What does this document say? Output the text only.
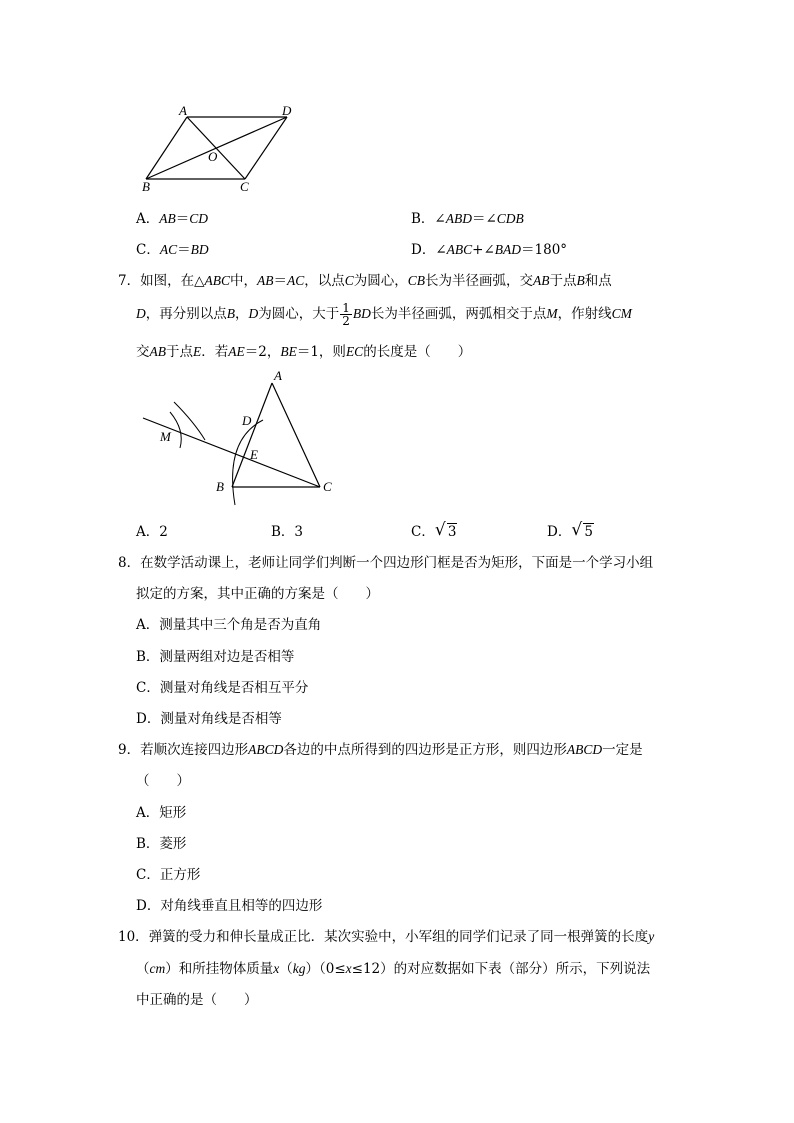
A	D
O
B	C
A．AB＝CD	B．∠ABD＝∠CDB
C．AC＝BD	D．∠ABC+∠BAD＝180°
7．如图，在△ABC中，AB＝AC，以点C为圆心，CB长为半径画弧，交AB于点B和点
D，再分别以点B，D为圆心，大于 $\frac{1}{2}$ BD长为半径画弧，两弧相交于点M，作射线CM
交AB于点E．若AE＝2，BE＝1，则EC的长度是（　　）
A
D
M
E
B	C
A．2	B．3	C． √ 3	D． √ 5
8．在数学活动课上，老师让同学们判断一个四边形门框是否为矩形，下面是一个学习小组
拟定的方案，其中正确的方案是（　　）
A．测量其中三个角是否为直角
B．测量两组对边是否相等
C．测量对角线是否相互平分
D．测量对角线是否相等
9．若顺次连接四边形ABCD各边的中点所得到的四边形是正方形，则四边形ABCD一定是
（　　）
A．矩形
B．菱形
C．正方形
D．对角线垂直且相等的四边形
10．弹簧的受力和伸长量成正比．某次实验中，小军组的同学们记录了同一根弹簧的长度y
（cm）和所挂物体质量x（kg）（0≤x≤12）的对应数据如下表（部分）所示，下列说法
中正确的是（　　）
